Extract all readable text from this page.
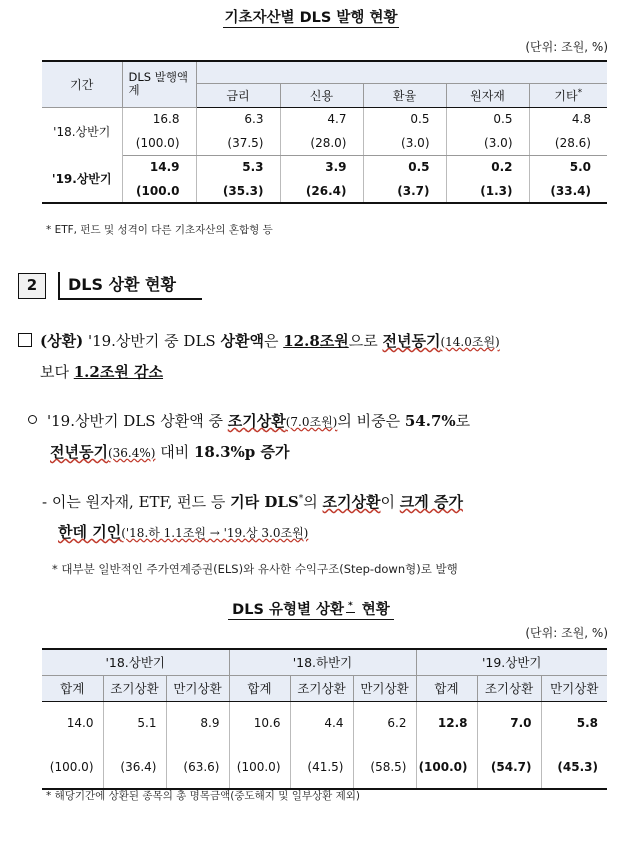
기초자산별 DLS 발행 현황
(단위: 조원, %)
기간	DLS 발행액계					
		금리	신용	환율	원자재	기타*
'18.상반기	16.8	6.3	4.7	0.5	0.5	4.8
	(100.0)	(37.5)	(28.0)	(3.0)	(3.0)	(28.6)
'19.상반기	14.9	5.3	3.9	0.5	0.2	5.0
	(100.0	(35.3)	(26.4)	(3.7)	(1.3)	(33.4)
* ETF, 펀드 및 성격이 다른 기초자산의 혼합형 등
2	DLS 상환 현황
(상환) '19.상반기 중 DLS 상환액은 12.8조원으로 전년동기(14.0조원)
보다 1.2조원 감소
'19.상반기 DLS 상환액 중 조기상환(7.0조원)의 비중은 54.7%로
전년동기(36.4%) 대비 18.3%p 증가
- 이는 원자재, ETF, 펀드 등 기타 DLS*의 조기상환이 크게 증가
한데 기인('18.하 1.1조원 → '19.상 3.0조원)
* 대부분 일반적인 주가연계증권(ELS)와 유사한 수익구조(Step-down형)로 발행
DLS 유형별 상환 * 현황
(단위: 조원, %)
'18.상반기			'18.하반기			'19.상반기		
합계	조기상환	만기상환	합계	조기상환	만기상환	합계	조기상환	만기상환
14.0	5.1	8.9	10.6	4.4	6.2	12.8	7.0	5.8
(100.0)	(36.4)	(63.6)	(100.0)	(41.5)	(58.5)	(100.0)	(54.7)	(45.3)
* 해당기간에 상환된 종목의 총 명목금액(중도해지 및 일부상환 제외)
